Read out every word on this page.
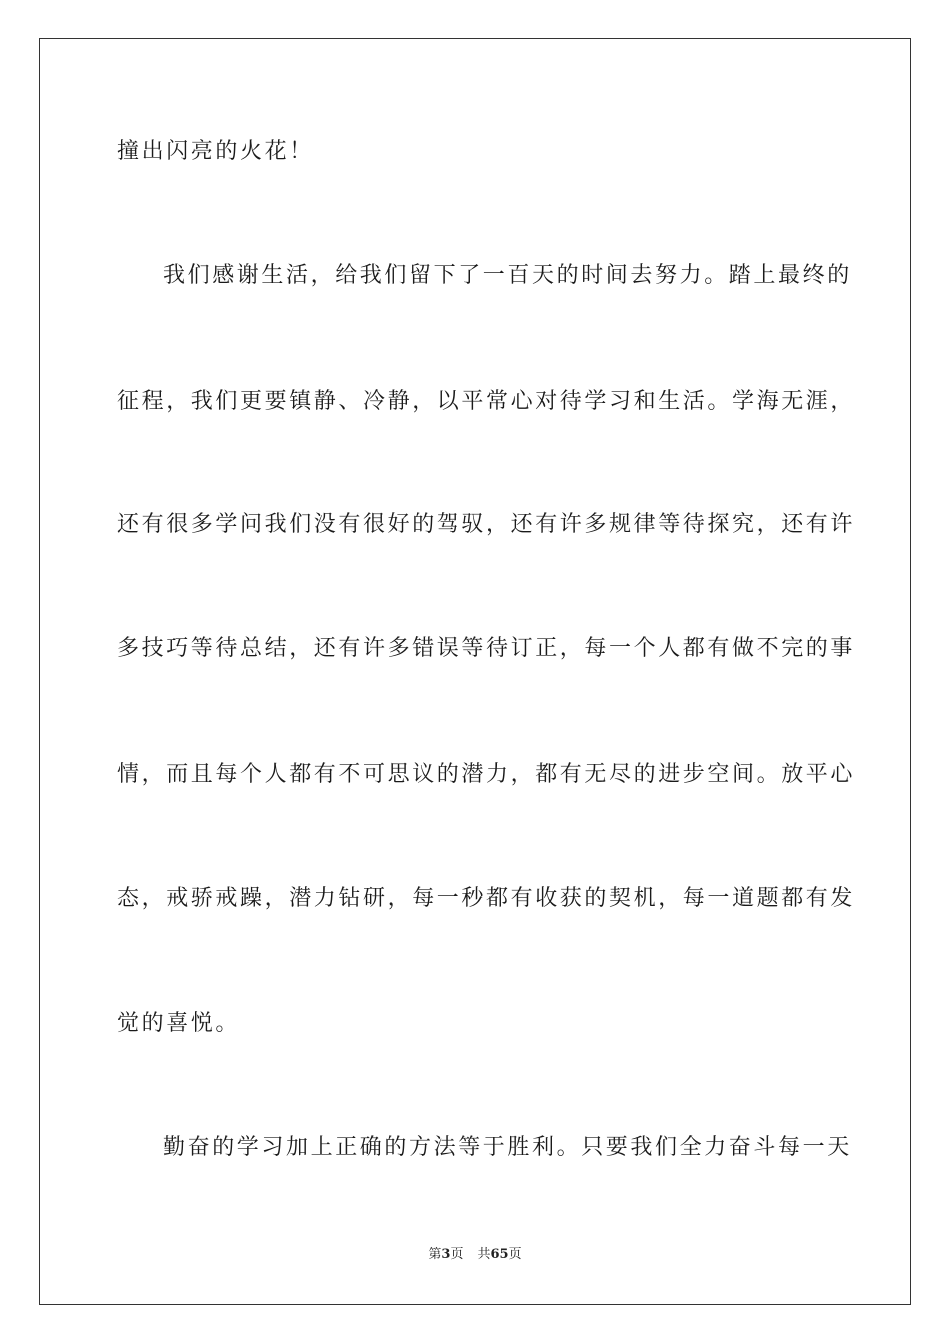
撞出闪亮的火花！
我们感谢生活，给我们留下了一百天的时间去努力。踏上最终的
征程，我们更要镇静、冷静，以平常心对待学习和生活。学海无涯，
还有很多学问我们没有很好的驾驭，还有许多规律等待探究，还有许
多技巧等待总结，还有许多错误等待订正，每一个人都有做不完的事
情，而且每个人都有不可思议的潜力，都有无尽的进步空间。放平心
态，戒骄戒躁，潜力钻研，每一秒都有收获的契机，每一道题都有发
觉的喜悦。
勤奋的学习加上正确的方法等于胜利。只要我们全力奋斗每一天
第3页 共65页
